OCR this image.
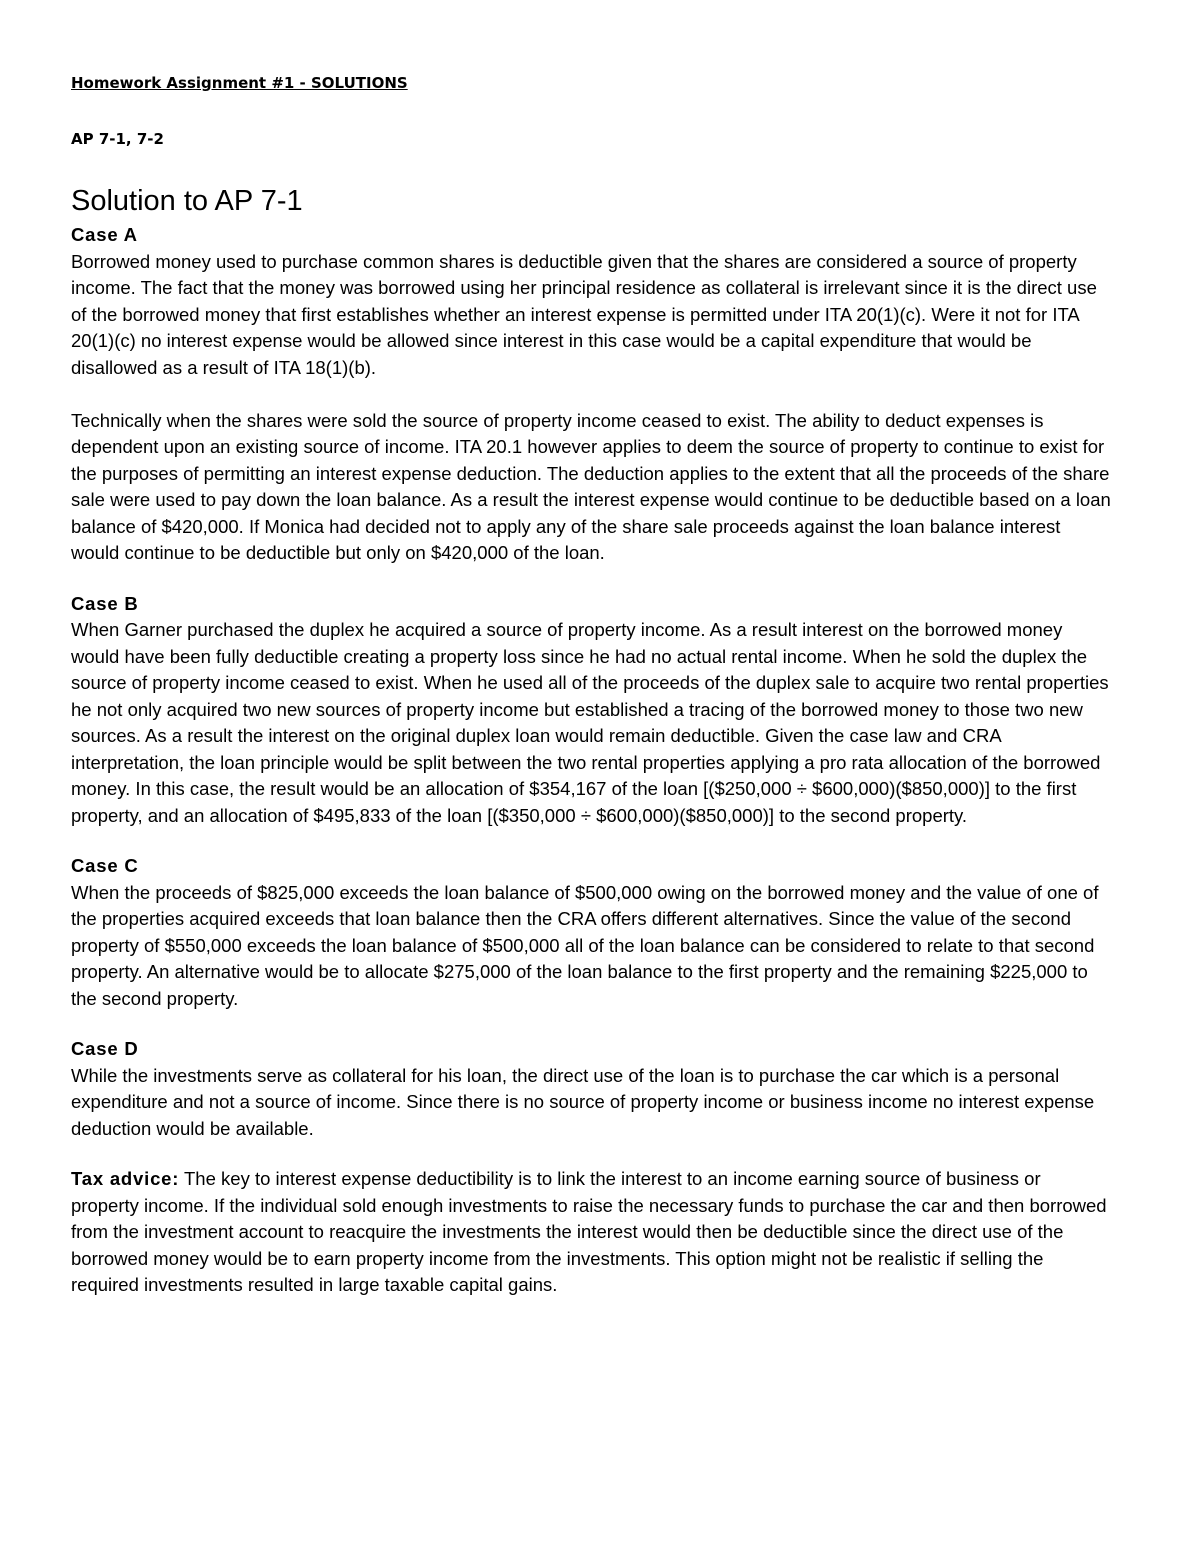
Homework Assignment #1 - SOLUTIONS

AP 7-1, 7-2

Solution to AP 7-1

Case A

Borrowed money used to purchase common shares is deductible given that the shares are considered a source of property income. The fact that the money was borrowed using her principal residence as collateral is irrelevant since it is the direct use of the borrowed money that first establishes whether an interest expense is permitted under ITA 20(1)(c). Were it not for ITA 20(1)(c) no interest expense would be allowed since interest in this case would be a capital expenditure that would be disallowed as a result of ITA 18(1)(b).

Technically when the shares were sold the source of property income ceased to exist. The ability to deduct expenses is dependent upon an existing source of income. ITA 20.1 however applies to deem the source of property to continue to exist for the purposes of permitting an interest expense deduction. The deduction applies to the extent that all the proceeds of the share sale were used to pay down the loan balance. As a result the interest expense would continue to be deductible based on a loan balance of $420,000. If Monica had decided not to apply any of the share sale proceeds against the loan balance interest would continue to be deductible but only on $420,000 of the loan.

Case B

When Garner purchased the duplex he acquired a source of property income. As a result interest on the borrowed money would have been fully deductible creating a property loss since he had no actual rental income. When he sold the duplex the source of property income ceased to exist. When he used all of the proceeds of the duplex sale to acquire two rental properties he not only acquired two new sources of property income but established a tracing of the borrowed money to those two new sources. As a result the interest on the original duplex loan would remain deductible. Given the case law and CRA interpretation, the loan principle would be split between the two rental properties applying a pro rata allocation of the borrowed money. In this case, the result would be an allocation of $354,167 of the loan [($250,000 ÷ $600,000)($850,000)] to the first property, and an allocation of $495,833 of the loan [($350,000 ÷ $600,000)($850,000)] to the second property.

Case C

When the proceeds of $825,000 exceeds the loan balance of $500,000 owing on the borrowed money and the value of one of the properties acquired exceeds that loan balance then the CRA offers different alternatives. Since the value of the second property of $550,000 exceeds the loan balance of $500,000 all of the loan balance can be considered to relate to that second property. An alternative would be to allocate $275,000 of the loan balance to the first property and the remaining $225,000 to the second property.

Case D

While the investments serve as collateral for his loan, the direct use of the loan is to purchase the car which is a personal expenditure and not a source of income. Since there is no source of property income or business income no interest expense deduction would be available.

Tax advice: The key to interest expense deductibility is to link the interest to an income earning source of business or property income. If the individual sold enough investments to raise the necessary funds to purchase the car and then borrowed from the investment account to reacquire the investments the interest would then be deductible since the direct use of the borrowed money would be to earn property income from the investments. This option might not be realistic if selling the required investments resulted in large taxable capital gains.
